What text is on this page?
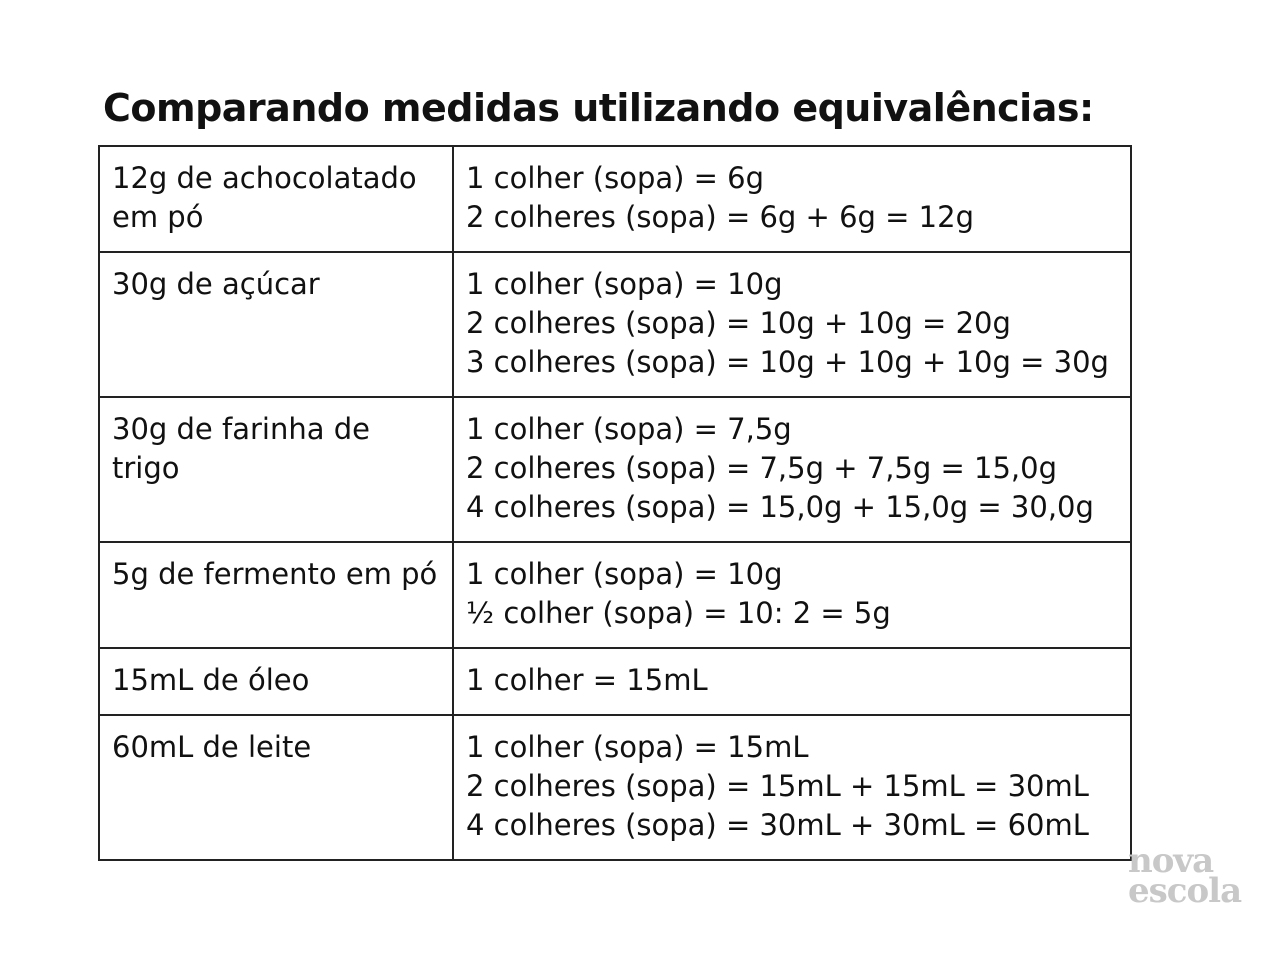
Comparando medidas utilizando equivalências:
12g de achocolatado em pó	1 colher (sopa) = 6g
2 colheres (sopa) = 6g + 6g = 12g

30g de açúcar	1 colher (sopa) = 10g
2 colheres (sopa) = 10g + 10g = 20g
3 colheres (sopa) = 10g + 10g + 10g = 30g

30g de farinha de trigo	1 colher (sopa) = 7,5g
2 colheres (sopa) = 7,5g + 7,5g = 15,0g
4 colheres (sopa) = 15,0g + 15,0g = 30,0g

5g de fermento em pó	1 colher (sopa) = 10g
½ colher (sopa) = 10: 2 = 5g

15mL de óleo	1 colher = 15mL

60mL de leite	1 colher (sopa) = 15mL
2 colheres (sopa) = 15mL + 15mL = 30mL
4 colheres (sopa) = 30mL + 30mL = 60mL
nova
escola
